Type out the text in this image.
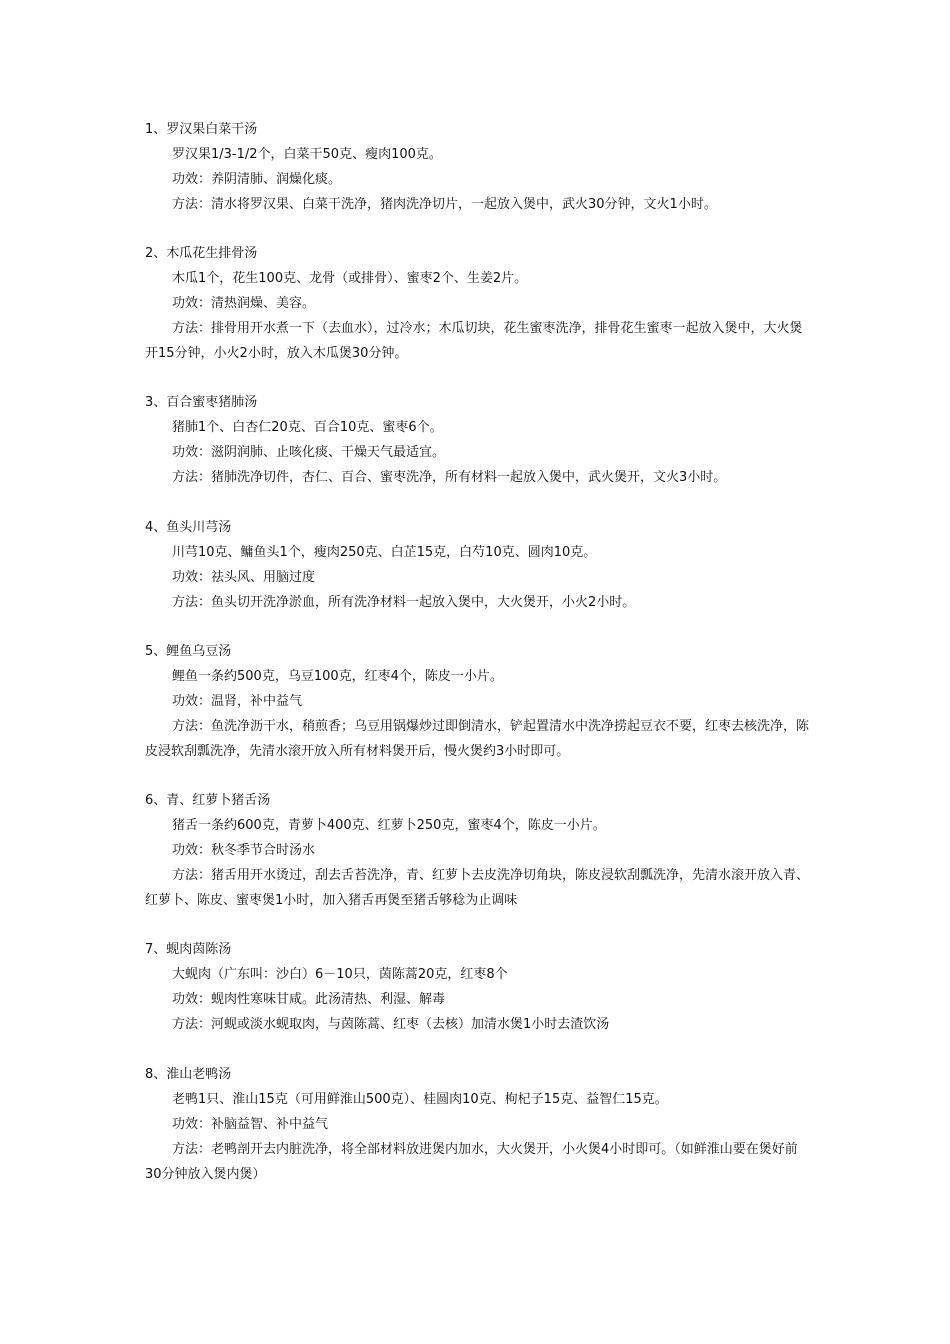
1、罗汉果白菜干汤
罗汉果1/3-1/2个，白菜干50克、瘦肉100克。
功效：养阴清肺、润燥化痰。
方法：清水将罗汉果、白菜干洗净，猪肉洗净切片，一起放入煲中，武火30分钟，文火1小时。
2、木瓜花生排骨汤
木瓜1个，花生100克、龙骨（或排骨）、蜜枣2个、生姜2片。
功效：清热润燥、美容。
方法：排骨用开水煮一下（去血水），过冷水；木瓜切块，花生蜜枣洗净，排骨花生蜜枣一起放入煲中，大火煲开15分钟，小火2小时，放入木瓜煲30分钟。
3、百合蜜枣猪肺汤
猪肺1个、白杏仁20克、百合10克、蜜枣6个。
功效：滋阴润肺、止咳化痰、干燥天气最适宜。
方法：猪肺洗净切件，杏仁、百合、蜜枣洗净，所有材料一起放入煲中，武火煲开，文火3小时。
4、鱼头川芎汤
川芎10克、鳙鱼头1个，瘦肉250克、白芷15克，白芍10克、圆肉10克。
功效：祛头风、用脑过度
方法：鱼头切开洗净淤血，所有洗净材料一起放入煲中，大火煲开，小火2小时。
5、鲤鱼乌豆汤
鲤鱼一条约500克，乌豆100克，红枣4个，陈皮一小片。
功效：温肾，补中益气
方法：鱼洗净沥干水，稍煎香；乌豆用锅爆炒过即倒清水，铲起置清水中洗净捞起豆衣不要，红枣去核洗净，陈皮浸软刮瓢洗净，先清水滚开放入所有材料煲开后，慢火煲约3小时即可。
6、青、红萝卜猪舌汤
猪舌一条约600克，青萝卜400克、红萝卜250克，蜜枣4个，陈皮一小片。
功效：秋冬季节合时汤水
方法：猪舌用开水烫过，刮去舌苔洗净，青、红萝卜去皮洗净切角块，陈皮浸软刮瓢洗净，先清水滚开放入青、红萝卜、陈皮、蜜枣煲1小时，加入猪舌再煲至猪舌够稔为止调味
7、蚬肉茵陈汤
大蚬肉（广东叫：沙白）6－10只，茵陈蒿20克，红枣8个
功效：蚬肉性寒味甘咸。此汤清热、利湿、解毒
方法：河蚬或淡水蚬取肉，与茵陈蒿、红枣（去核）加清水煲1小时去渣饮汤
8、淮山老鸭汤
老鸭1只、淮山15克（可用鲜淮山500克）、桂圆肉10克、枸杞子15克、益智仁15克。
功效：补脑益智、补中益气
方法：老鸭剖开去内脏洗净，将全部材料放进煲内加水，大火煲开，小火煲4小时即可。（如鲜淮山要在煲好前30分钟放入煲内煲）
